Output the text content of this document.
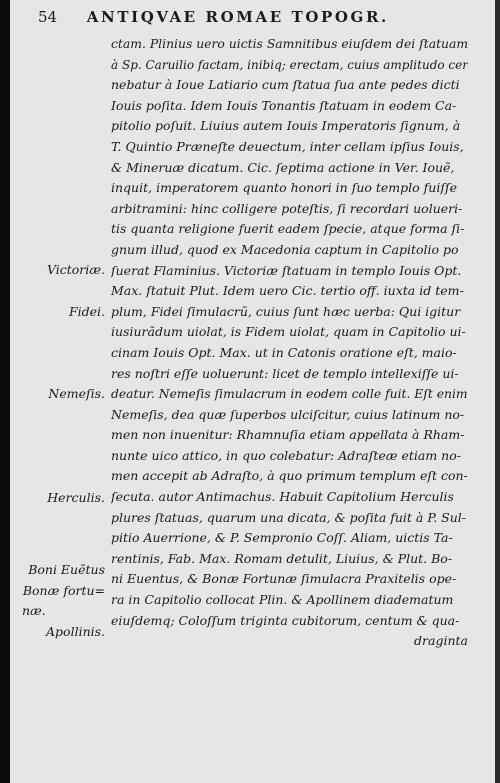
54 ANTIQVAE ROMAE TOPOGR.
Victoriæ.
Fidei.
Nemeſis.
Herculis.
Boni Euẽtus
Bonæ fortu=
næ.
Apollinis.
ctam. Plinius uero uictis Samnitibus eiuſdem dei ſtatuam
à Sp. Caruilio factam, inibiq; erectam, cuius amplitudo cer
nebatur à Ioue Latiario cum ſtatua ſua ante pedes dicti
Iouis poſita. Idem Iouis Tonantis ſtatuam in eodem Ca-
pitolio poſuit. Liuius autem Iouis Imperatoris ſignum, à
T. Quintio Præneſte deuectum, inter cellam ipſius Iouis,
& Mineruæ dicatum. Cic. ſeptima actione in Ver. Iouẽ,
inquit, imperatorem quanto honori in ſuo templo fuiſſe
arbitramini: hinc colligere poteſtis, ſi recordari uolueri-
tis quanta religione fuerit eadem ſpecie, atque forma ſi-
gnum illud, quod ex Macedonia captum in Capitolio po
ſuerat Flaminius. Victoriæ ſtatuam in templo Iouis Opt.
Max. ſtatuit Plut. Idem uero Cic. tertio off. iuxta id tem-
plum, Fidei ſimulacrũ, cuius ſunt hæc uerba: Qui igitur
iusiurãdum uiolat, is Fidem uiolat, quam in Capitolio ui-
cinam Iouis Opt. Max. ut in Catonis oratione eſt, maio-
res noſtri eſſe uoluerunt: licet de templo intellexiſſe ui-
deatur. Nemeſis ſimulacrum in eodem colle fuit. Eſt enim
Nemeſis, dea quæ ſuperbos ulciſcitur, cuius latinum no-
men non inuenitur: Rhamnuſia etiam appellata à Rham-
nunte uico attico, in quo colebatur: Adraſteæ etiam no-
men accepit ab Adraſto, à quo primum templum eſt con-
ſecuta. autor Antimachus. Habuit Capitolium Herculis
plures ſtatuas, quarum una dicata, & poſita fuit à P. Sul-
pitio Auerrione, & P. Sempronio Coſſ. Aliam, uictis Ta-
rentinis, Fab. Max. Romam detulit, Liuius, & Plut. Bo-
ni Euentus, & Bonæ Fortunæ ſimulacra Praxitelis ope-
ra in Capitolio collocat Plin. & Apollinem diadematum
eiuſdemq; Coloſſum triginta cubitorum, centum & qua-
draginta
